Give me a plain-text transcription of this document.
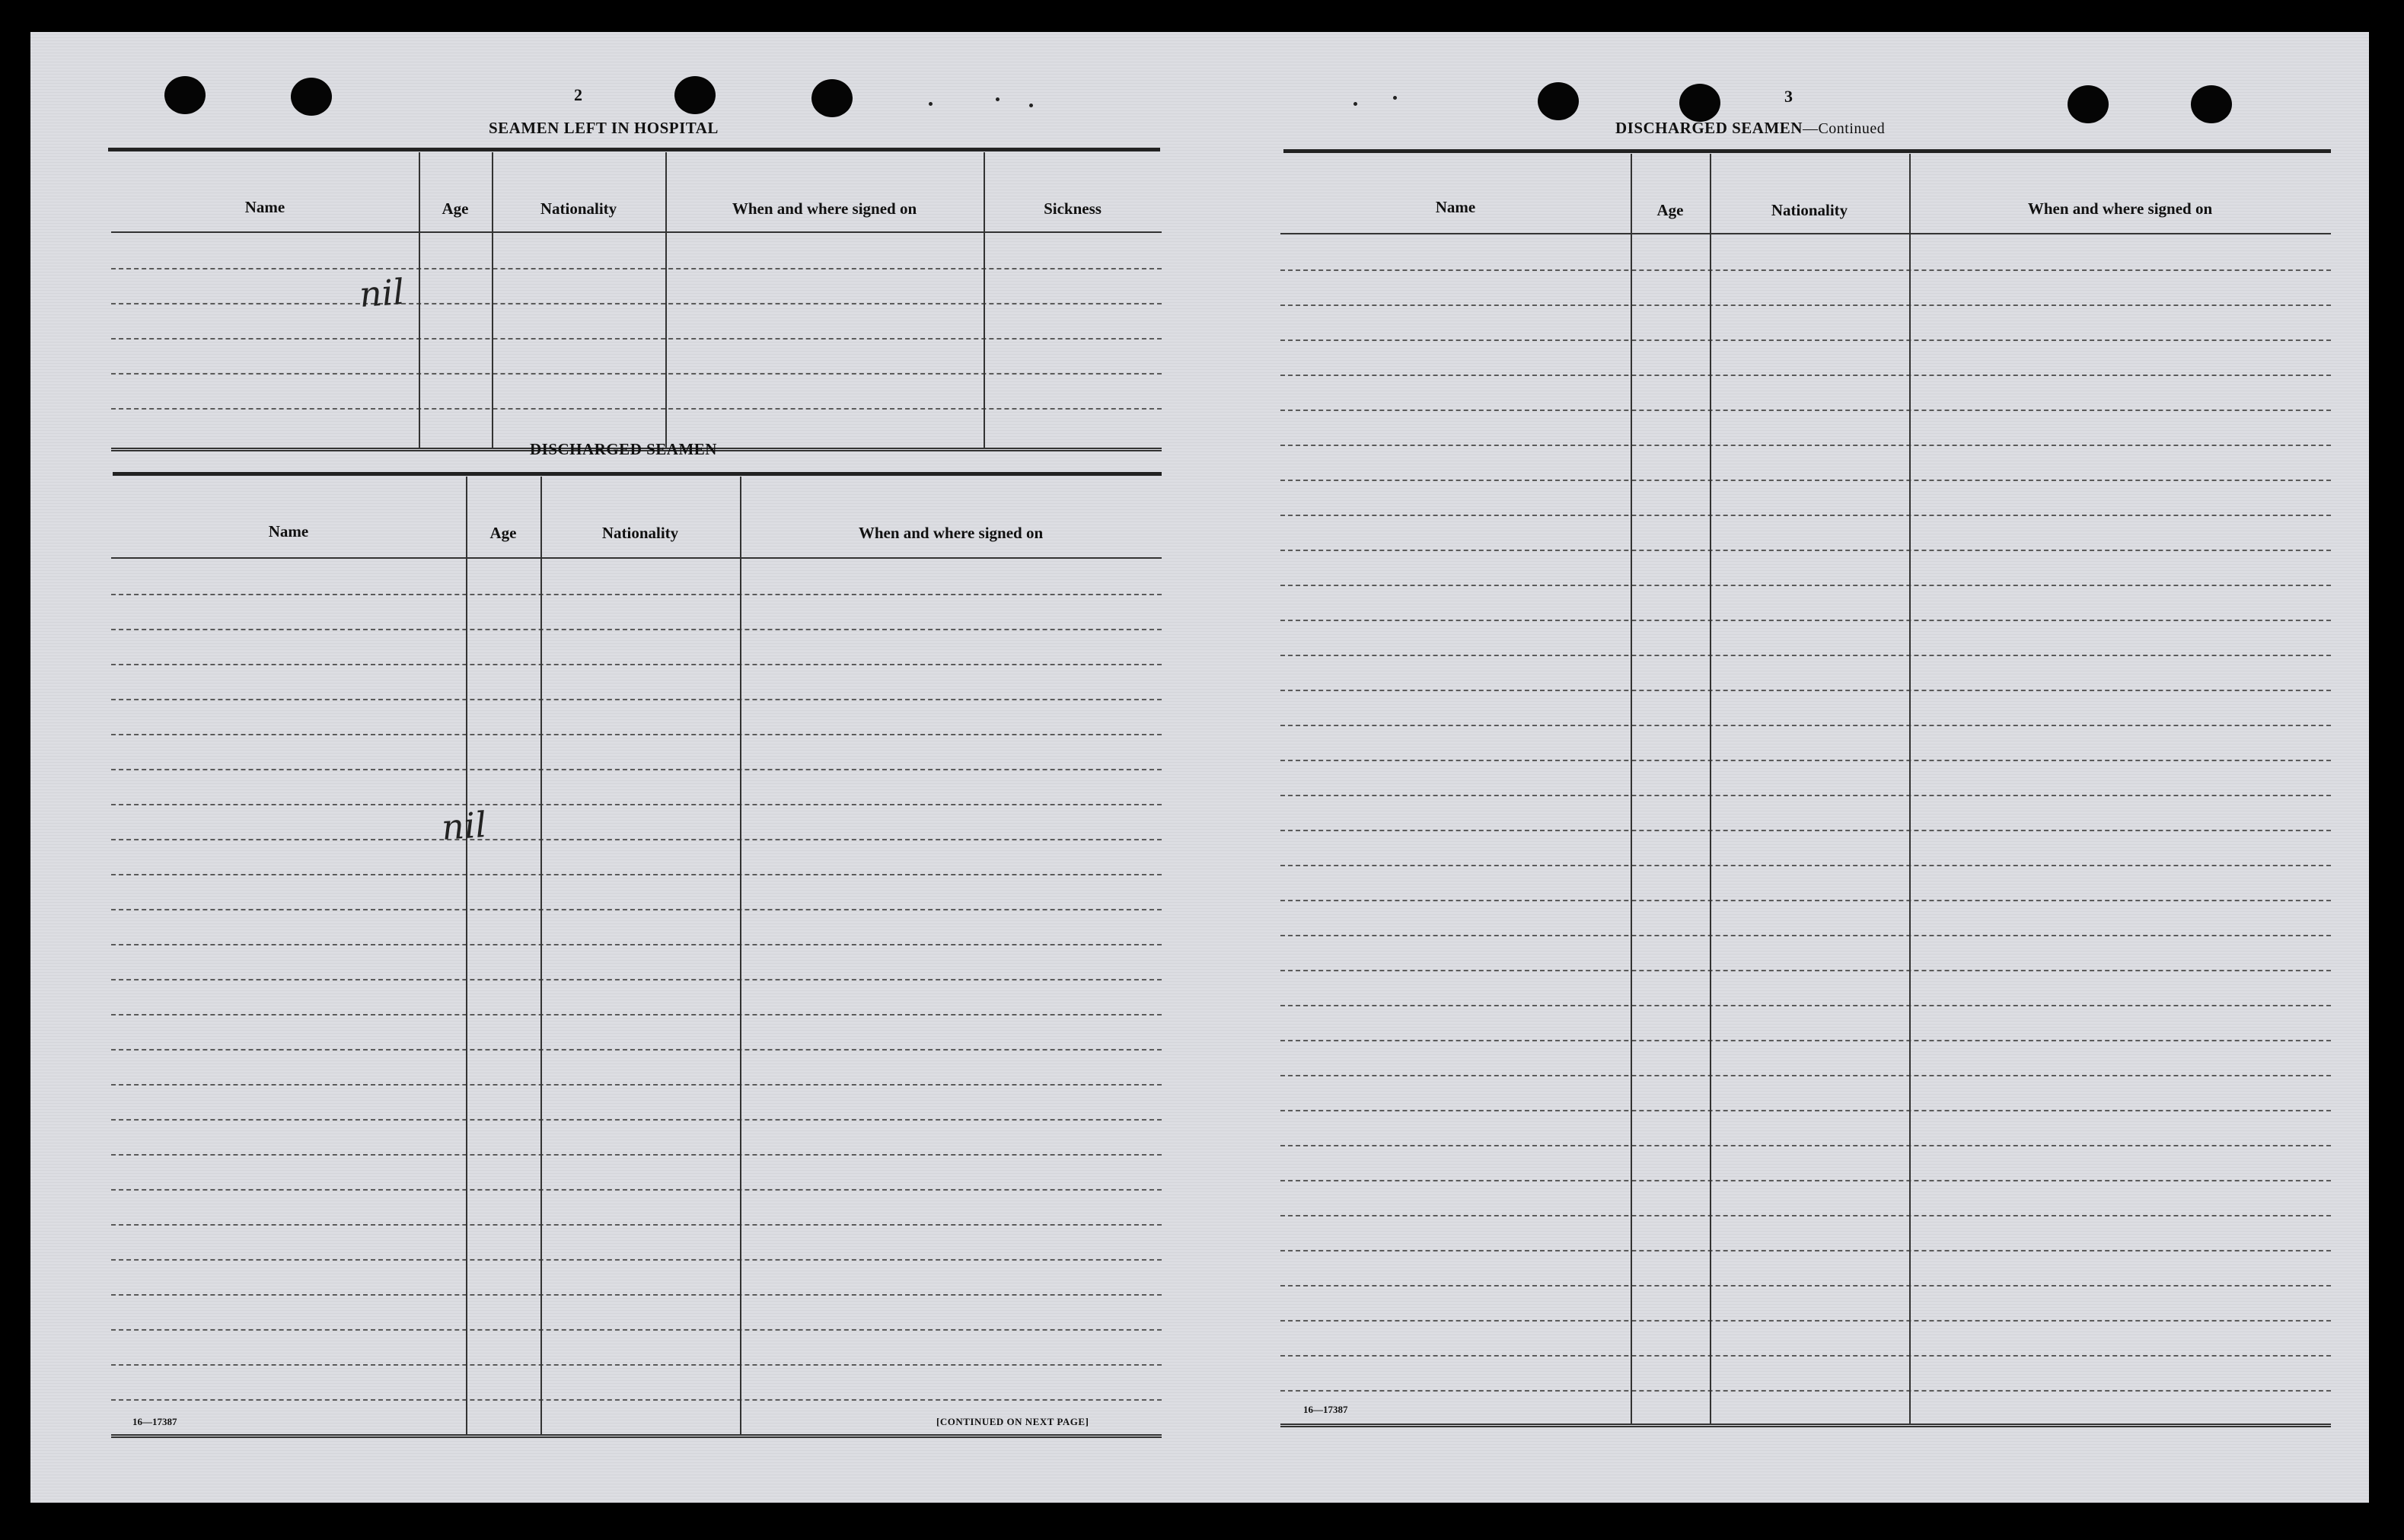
2
SEAMEN LEFT IN HOSPITAL
Name	Age	Nationality	When and where signed on	Sickness
nil
DISCHARGED SEAMEN
Name	Age	Nationality	When and where signed on
nil
16—17387	[CONTINUED ON NEXT PAGE]
3
DISCHARGED SEAMEN—Continued
Name	Age	Nationality	When and where signed on
16—17387
